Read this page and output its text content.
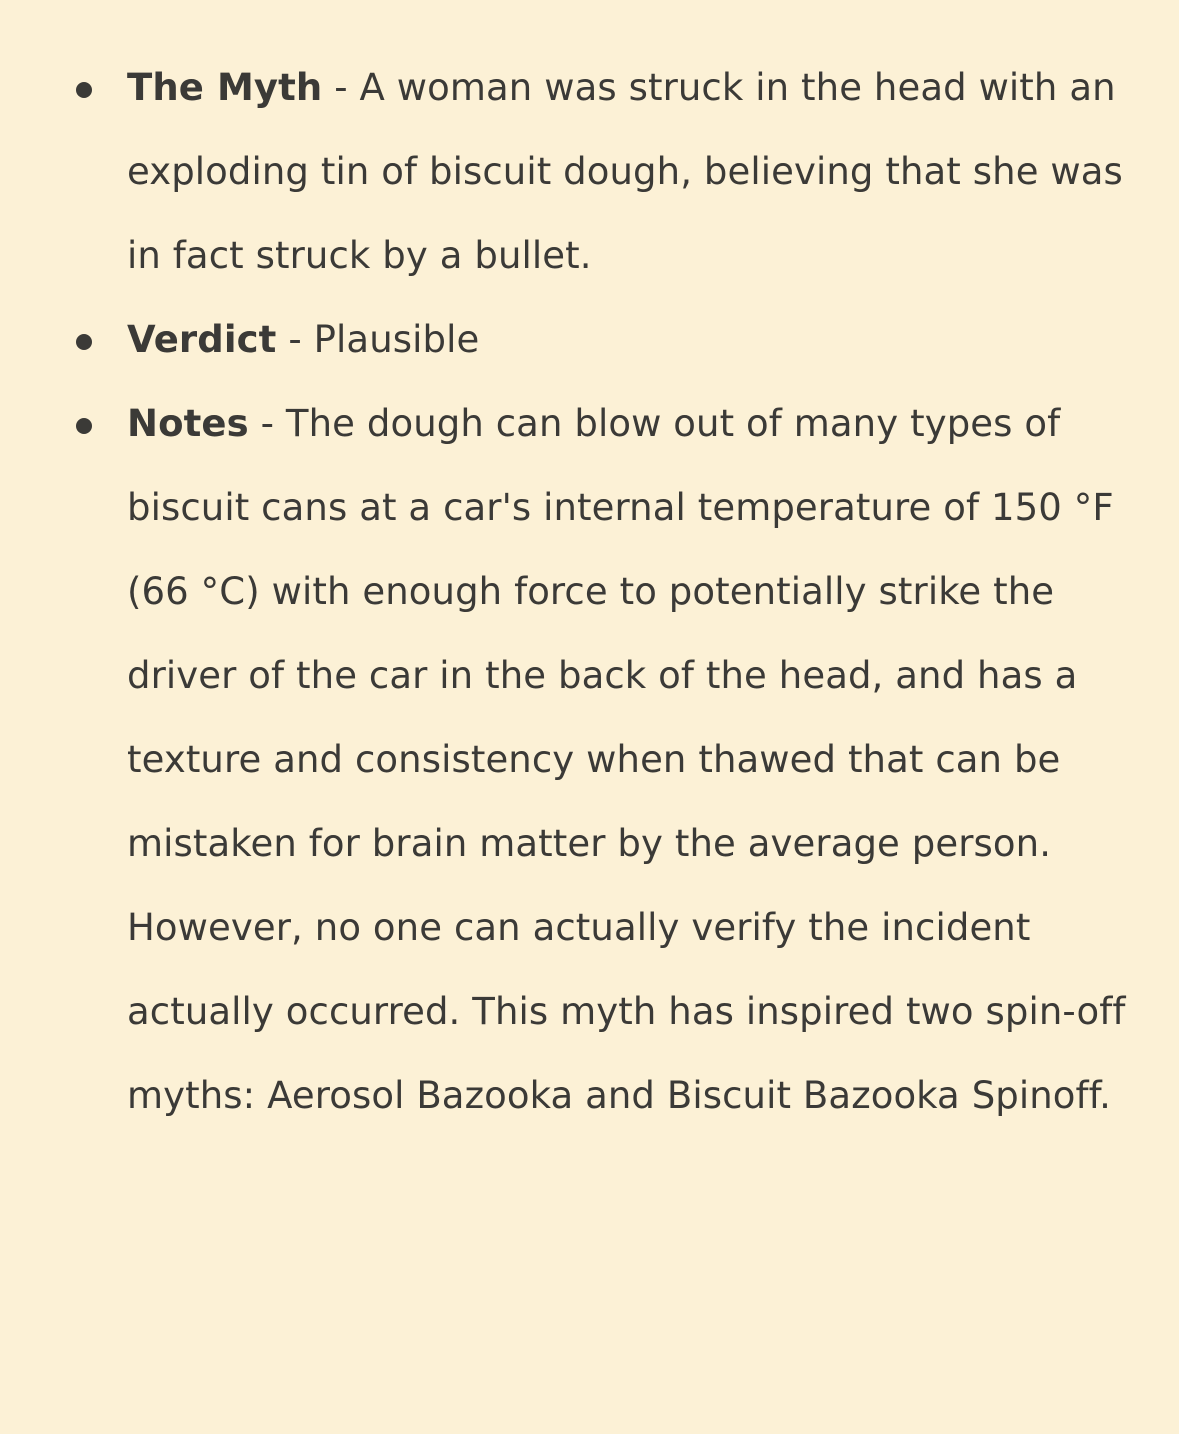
The Myth - A woman was struck in the head with an exploding tin of biscuit dough, believing that she was in fact struck by a bullet.
Verdict - Plausible
Notes - The dough can blow out of many types of biscuit cans at a car's internal temperature of 150 °F (66 °C) with enough force to potentially strike the driver of the car in the back of the head, and has a texture and consistency when thawed that can be mistaken for brain matter by the average person. However, no one can actually verify the incident actually occurred. This myth has inspired two spin-off myths: Aerosol Bazooka and Biscuit Bazooka Spinoff.
